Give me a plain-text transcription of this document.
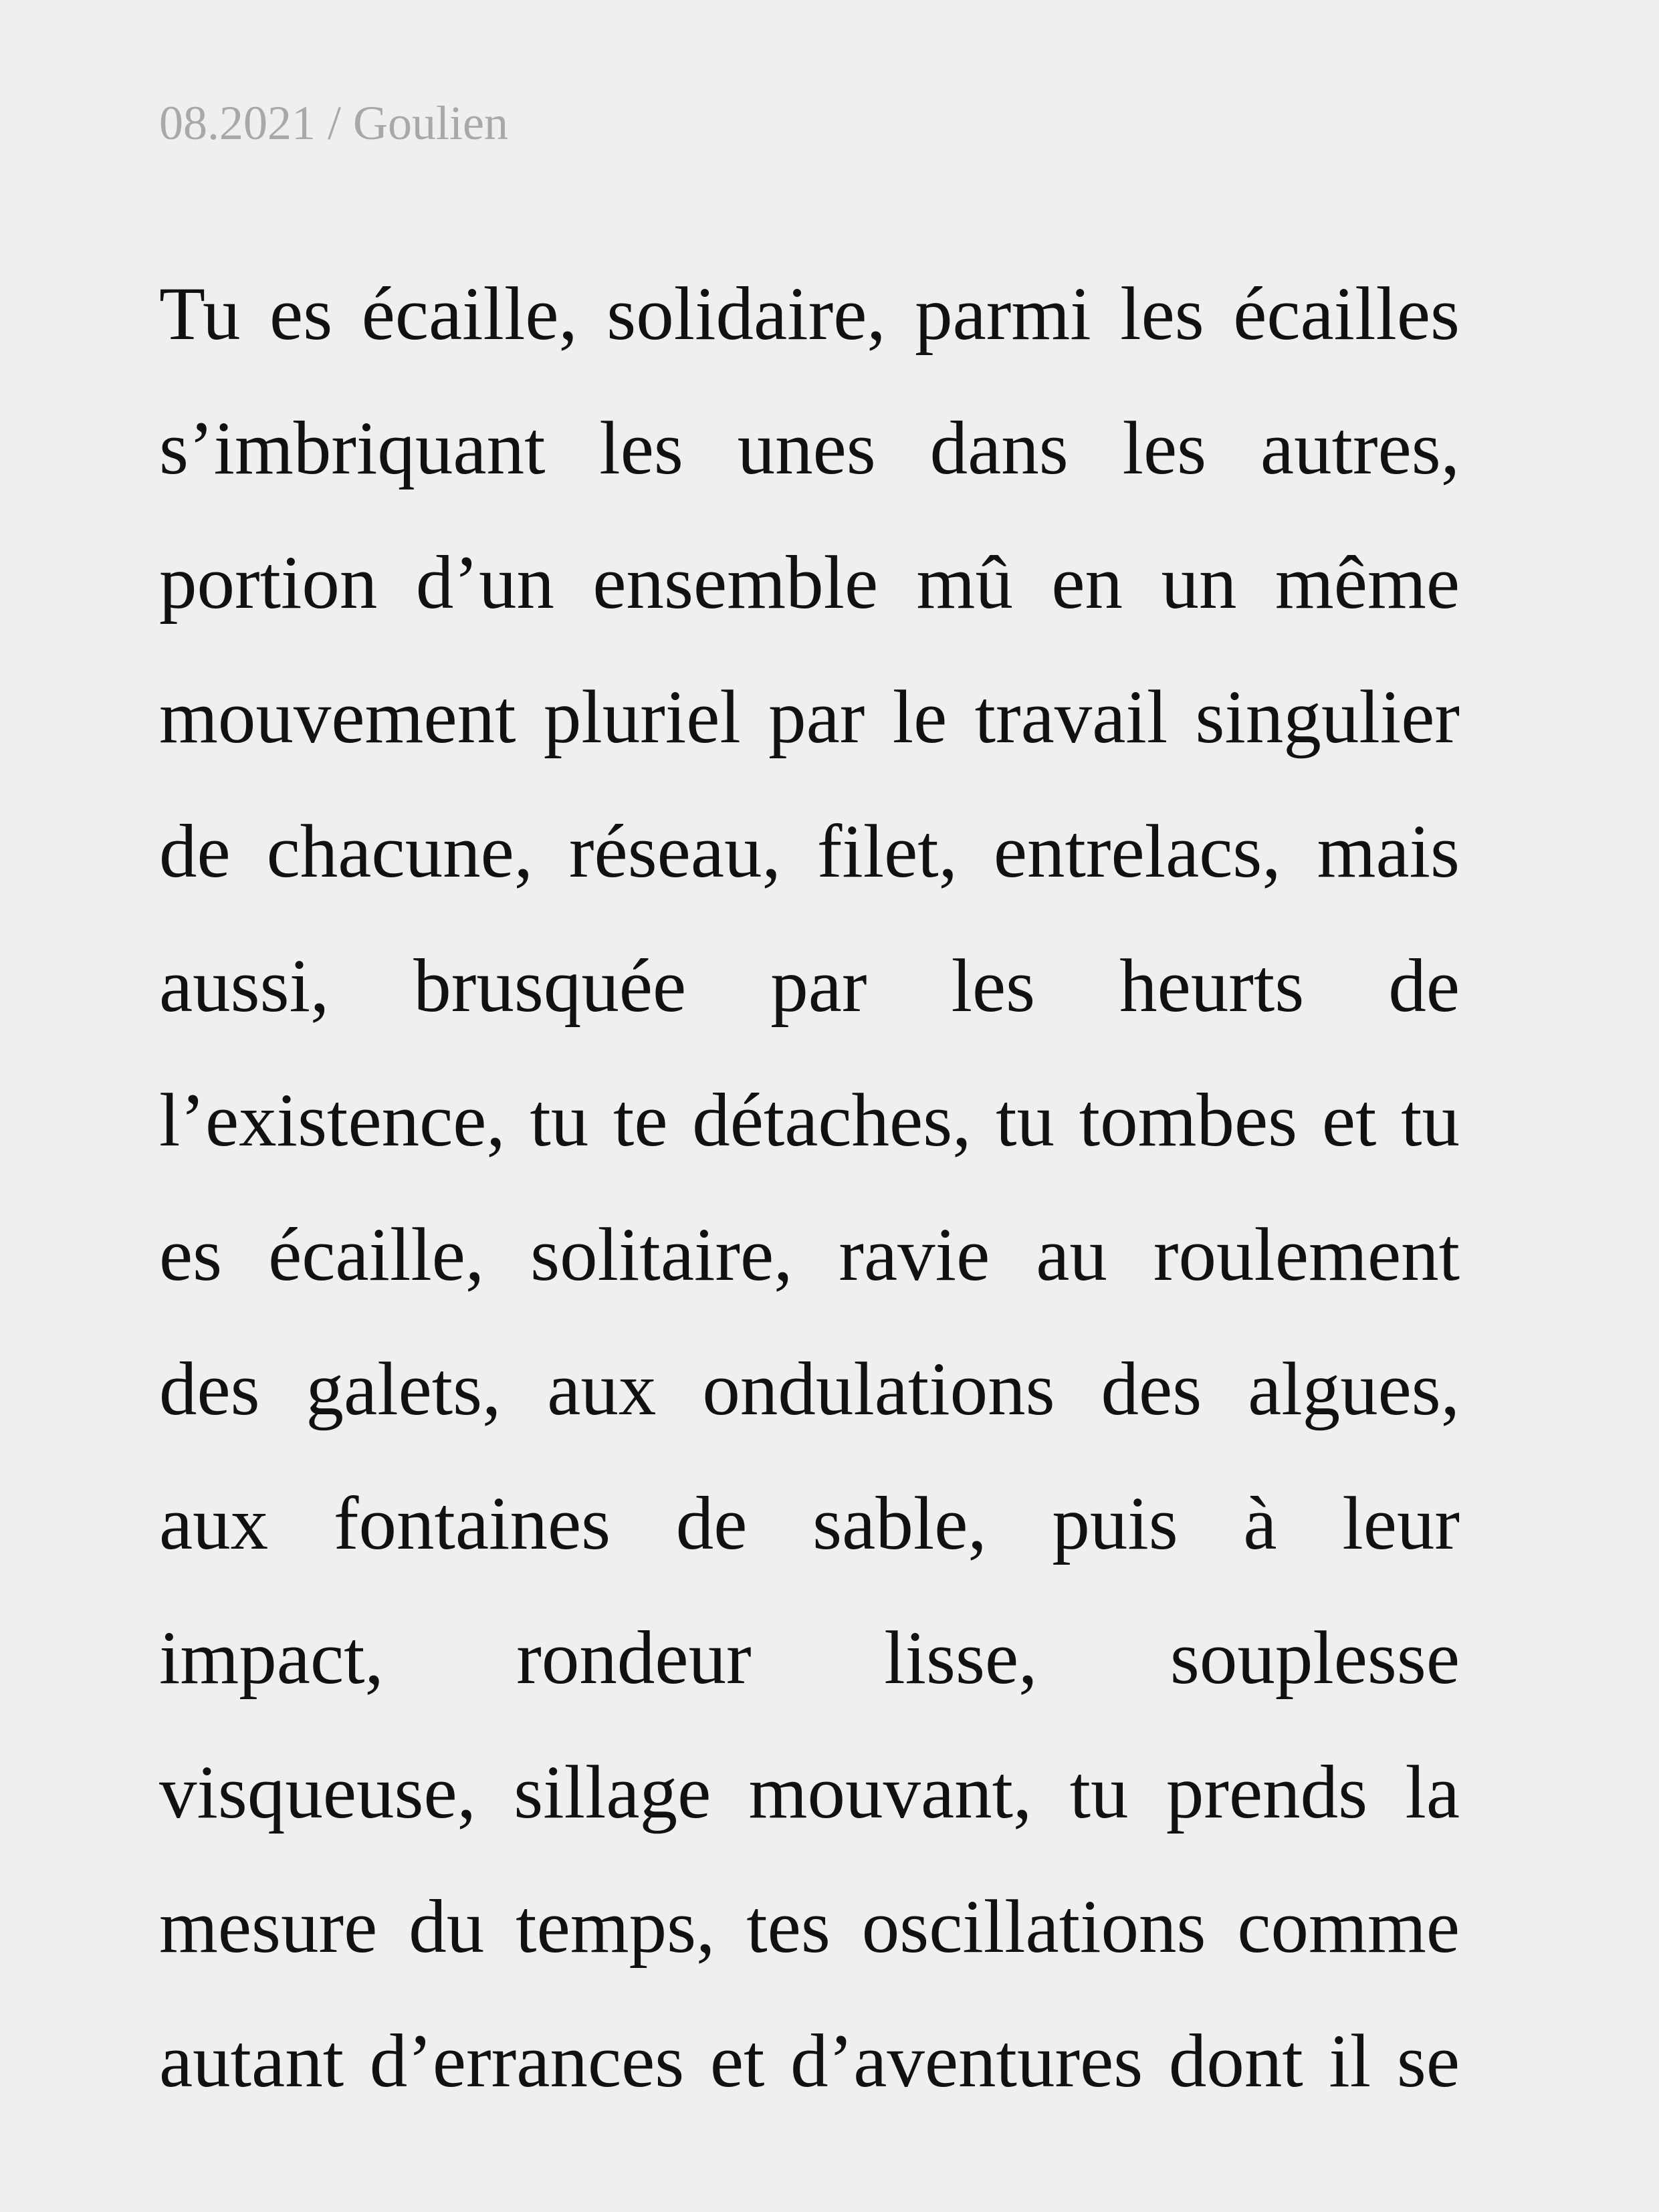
08.2021 / Goulien

Tu es écaille, solidaire, parmi les écailles
s’imbriquant les unes dans les autres,
portion d’un ensemble mû en un même
mouvement pluriel par le travail singulier
de chacune, réseau, filet, entrelacs, mais
aussi, brusquée par les heurts de
l’existence, tu te détaches, tu tombes et tu
es écaille, solitaire, ravie au roulement
des galets, aux ondulations des algues,
aux fontaines de sable, puis à leur
impact, rondeur lisse, souplesse
visqueuse, sillage mouvant, tu prends la
mesure du temps, tes oscillations comme
autant d’errances et d’aventures dont il se
